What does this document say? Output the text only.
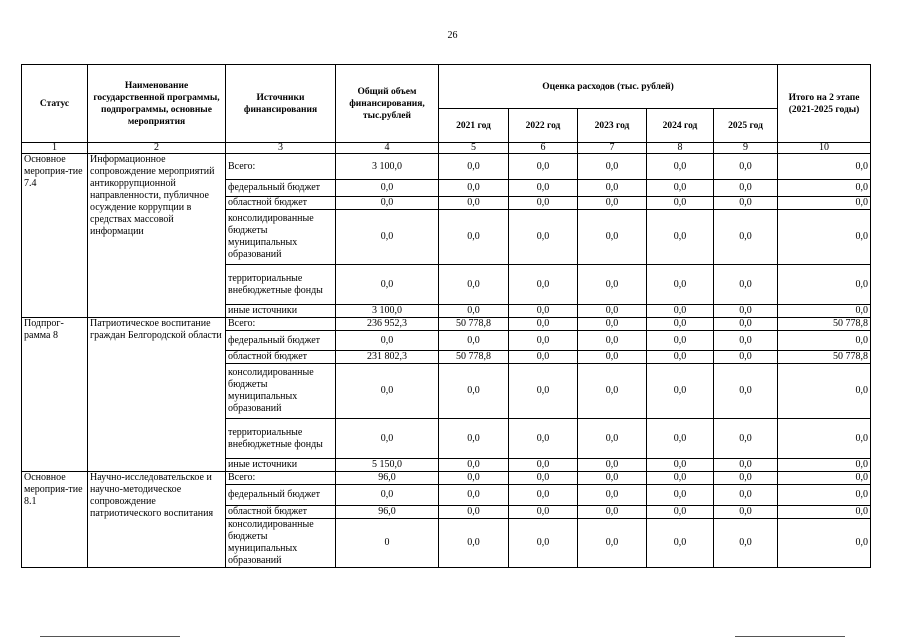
26
Статус	Наименование государственной программы, подпрограммы, основные мероприятия	Источники финансирования	Общий объем финансирования, тыс.рублей	Оценка расходов (тыс. рублей)					Итого на 2 этапе (2021-2025 годы)
				2021 год	2022 год	2023 год	2024 год	2025 год	
1	2	3	4	5	6	7	8	9	10
Основное мероприя-тие 7.4	Информационное сопровождение мероприятий антикоррупционной направленности, публичное осуждение коррупции в средствах массовой информации	Всего:	3 100,0	0,0	0,0	0,0	0,0	0,0	0,0
		федеральный бюджет	0,0	0,0	0,0	0,0	0,0	0,0	0,0
		областной бюджет	0,0	0,0	0,0	0,0	0,0	0,0	0,0
		консолидированные бюджеты муниципальных образований	0,0	0,0	0,0	0,0	0,0	0,0	0,0
		территориальные внебюджетные фонды	0,0	0,0	0,0	0,0	0,0	0,0	0,0
		иные источники	3 100,0	0,0	0,0	0,0	0,0	0,0	0,0
Подпрог-рамма 8	Патриотическое воспитание граждан Белгородской области	Всего:	236 952,3	50 778,8	0,0	0,0	0,0	0,0	50 778,8
		федеральный бюджет	0,0	0,0	0,0	0,0	0,0	0,0	0,0
		областной бюджет	231 802,3	50 778,8	0,0	0,0	0,0	0,0	50 778,8
		консолидированные бюджеты муниципальных образований	0,0	0,0	0,0	0,0	0,0	0,0	0,0
		территориальные внебюджетные фонды	0,0	0,0	0,0	0,0	0,0	0,0	0,0
		иные источники	5 150,0	0,0	0,0	0,0	0,0	0,0	0,0
Основное мероприя-тие 8.1	Научно-исследовательское и научно-методическое сопровождение патриотического воспитания	Всего:	96,0	0,0	0,0	0,0	0,0	0,0	0,0
		федеральный бюджет	0,0	0,0	0,0	0,0	0,0	0,0	0,0
		областной бюджет	96,0	0,0	0,0	0,0	0,0	0,0	0,0
		консолидированные бюджеты муниципальных образований	0	0,0	0,0	0,0	0,0	0,0	0,0
